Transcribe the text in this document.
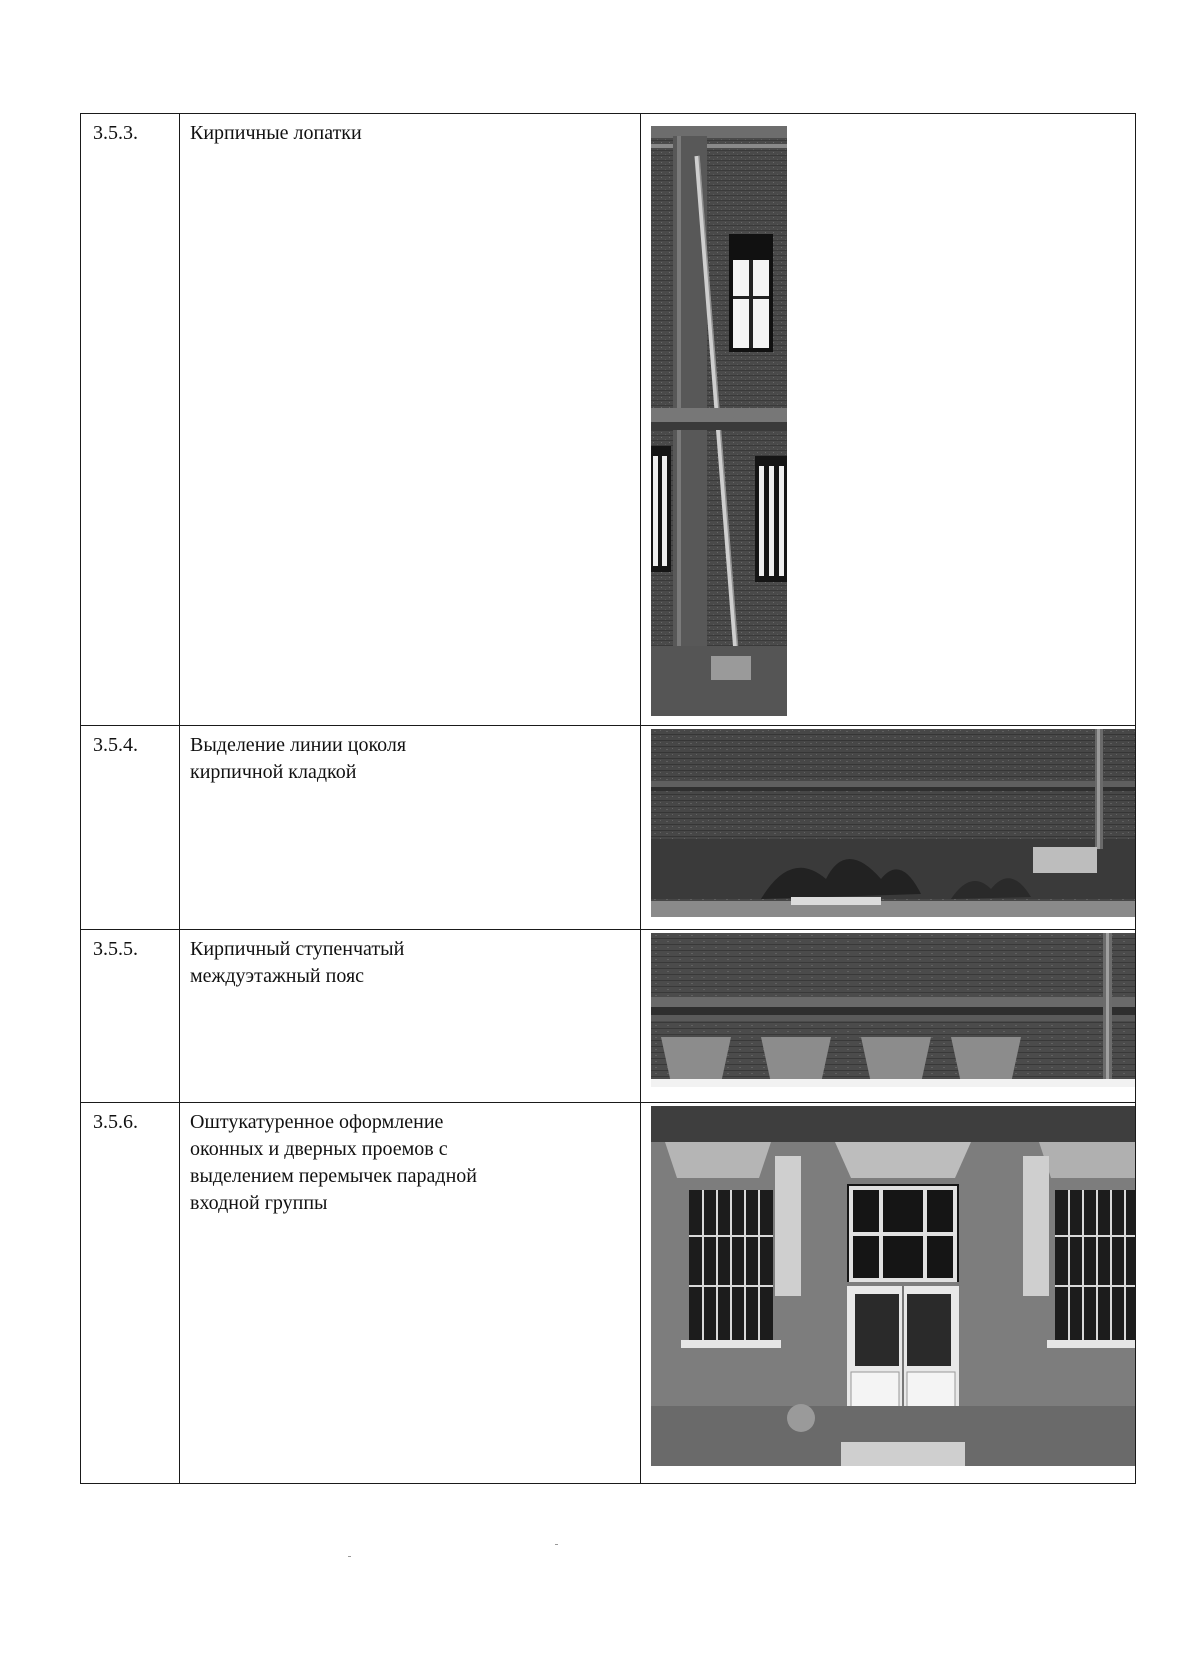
3.5.3.	Кирпичные лопатки	

3.5.4.	Выделение линии цоколя
кирпичной кладкой	

3.5.5.	Кирпичный ступенчатый
междуэтажный пояс	

3.5.6.	Оштукатуренное оформление
оконных и дверных проемов с
выделением перемычек парадной
входной группы	
